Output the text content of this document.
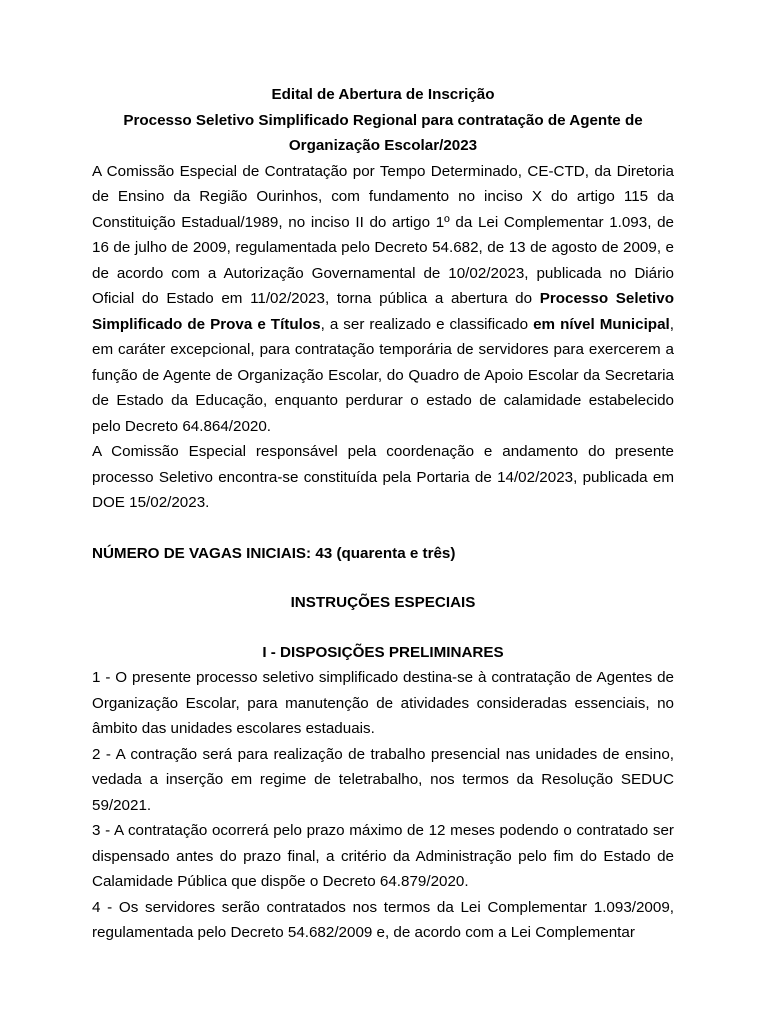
Edital de Abertura de Inscrição
Processo Seletivo Simplificado Regional para contratação de Agente de
Organização Escolar/2023

A Comissão Especial de Contratação por Tempo Determinado, CE-CTD, da Diretoria de Ensino da Região Ourinhos, com fundamento no inciso X do artigo 115 da Constituição Estadual/1989, no inciso II do artigo 1º da Lei Complementar 1.093, de 16 de julho de 2009, regulamentada pelo Decreto 54.682, de 13 de agosto de 2009, e de acordo com a Autorização Governamental de 10/02/2023, publicada no Diário Oficial do Estado em 11/02/2023, torna pública a abertura do Processo Seletivo Simplificado de Prova e Títulos, a ser realizado e classificado em nível Municipal, em caráter excepcional, para contratação temporária de servidores para exercerem a função de Agente de Organização Escolar, do Quadro de Apoio Escolar da Secretaria de Estado da Educação, enquanto perdurar o estado de calamidade estabelecido pelo Decreto 64.864/2020.

A Comissão Especial responsável pela coordenação e andamento do presente processo Seletivo encontra-se constituída pela Portaria de 14/02/2023, publicada em DOE 15/02/2023.

NÚMERO DE VAGAS INICIAIS: 43 (quarenta e três)
INSTRUÇÕES ESPECIAIS
I - DISPOSIÇÕES PRELIMINARES

1 - O presente processo seletivo simplificado destina-se à contratação de Agentes de Organização Escolar, para manutenção de atividades consideradas essenciais, no âmbito das unidades escolares estaduais.

2 - A contração será para realização de trabalho presencial nas unidades de ensino, vedada a inserção em regime de teletrabalho, nos termos da Resolução SEDUC 59/2021.

3 - A contratação ocorrerá pelo prazo máximo de 12 meses podendo o contratado ser dispensado antes do prazo final, a critério da Administração pelo fim do Estado de Calamidade Pública que dispõe o Decreto 64.879/2020.

4 - Os servidores serão contratados nos termos da Lei Complementar 1.093/2009, regulamentada pelo Decreto 54.682/2009 e, de acordo com a Lei Complementar
